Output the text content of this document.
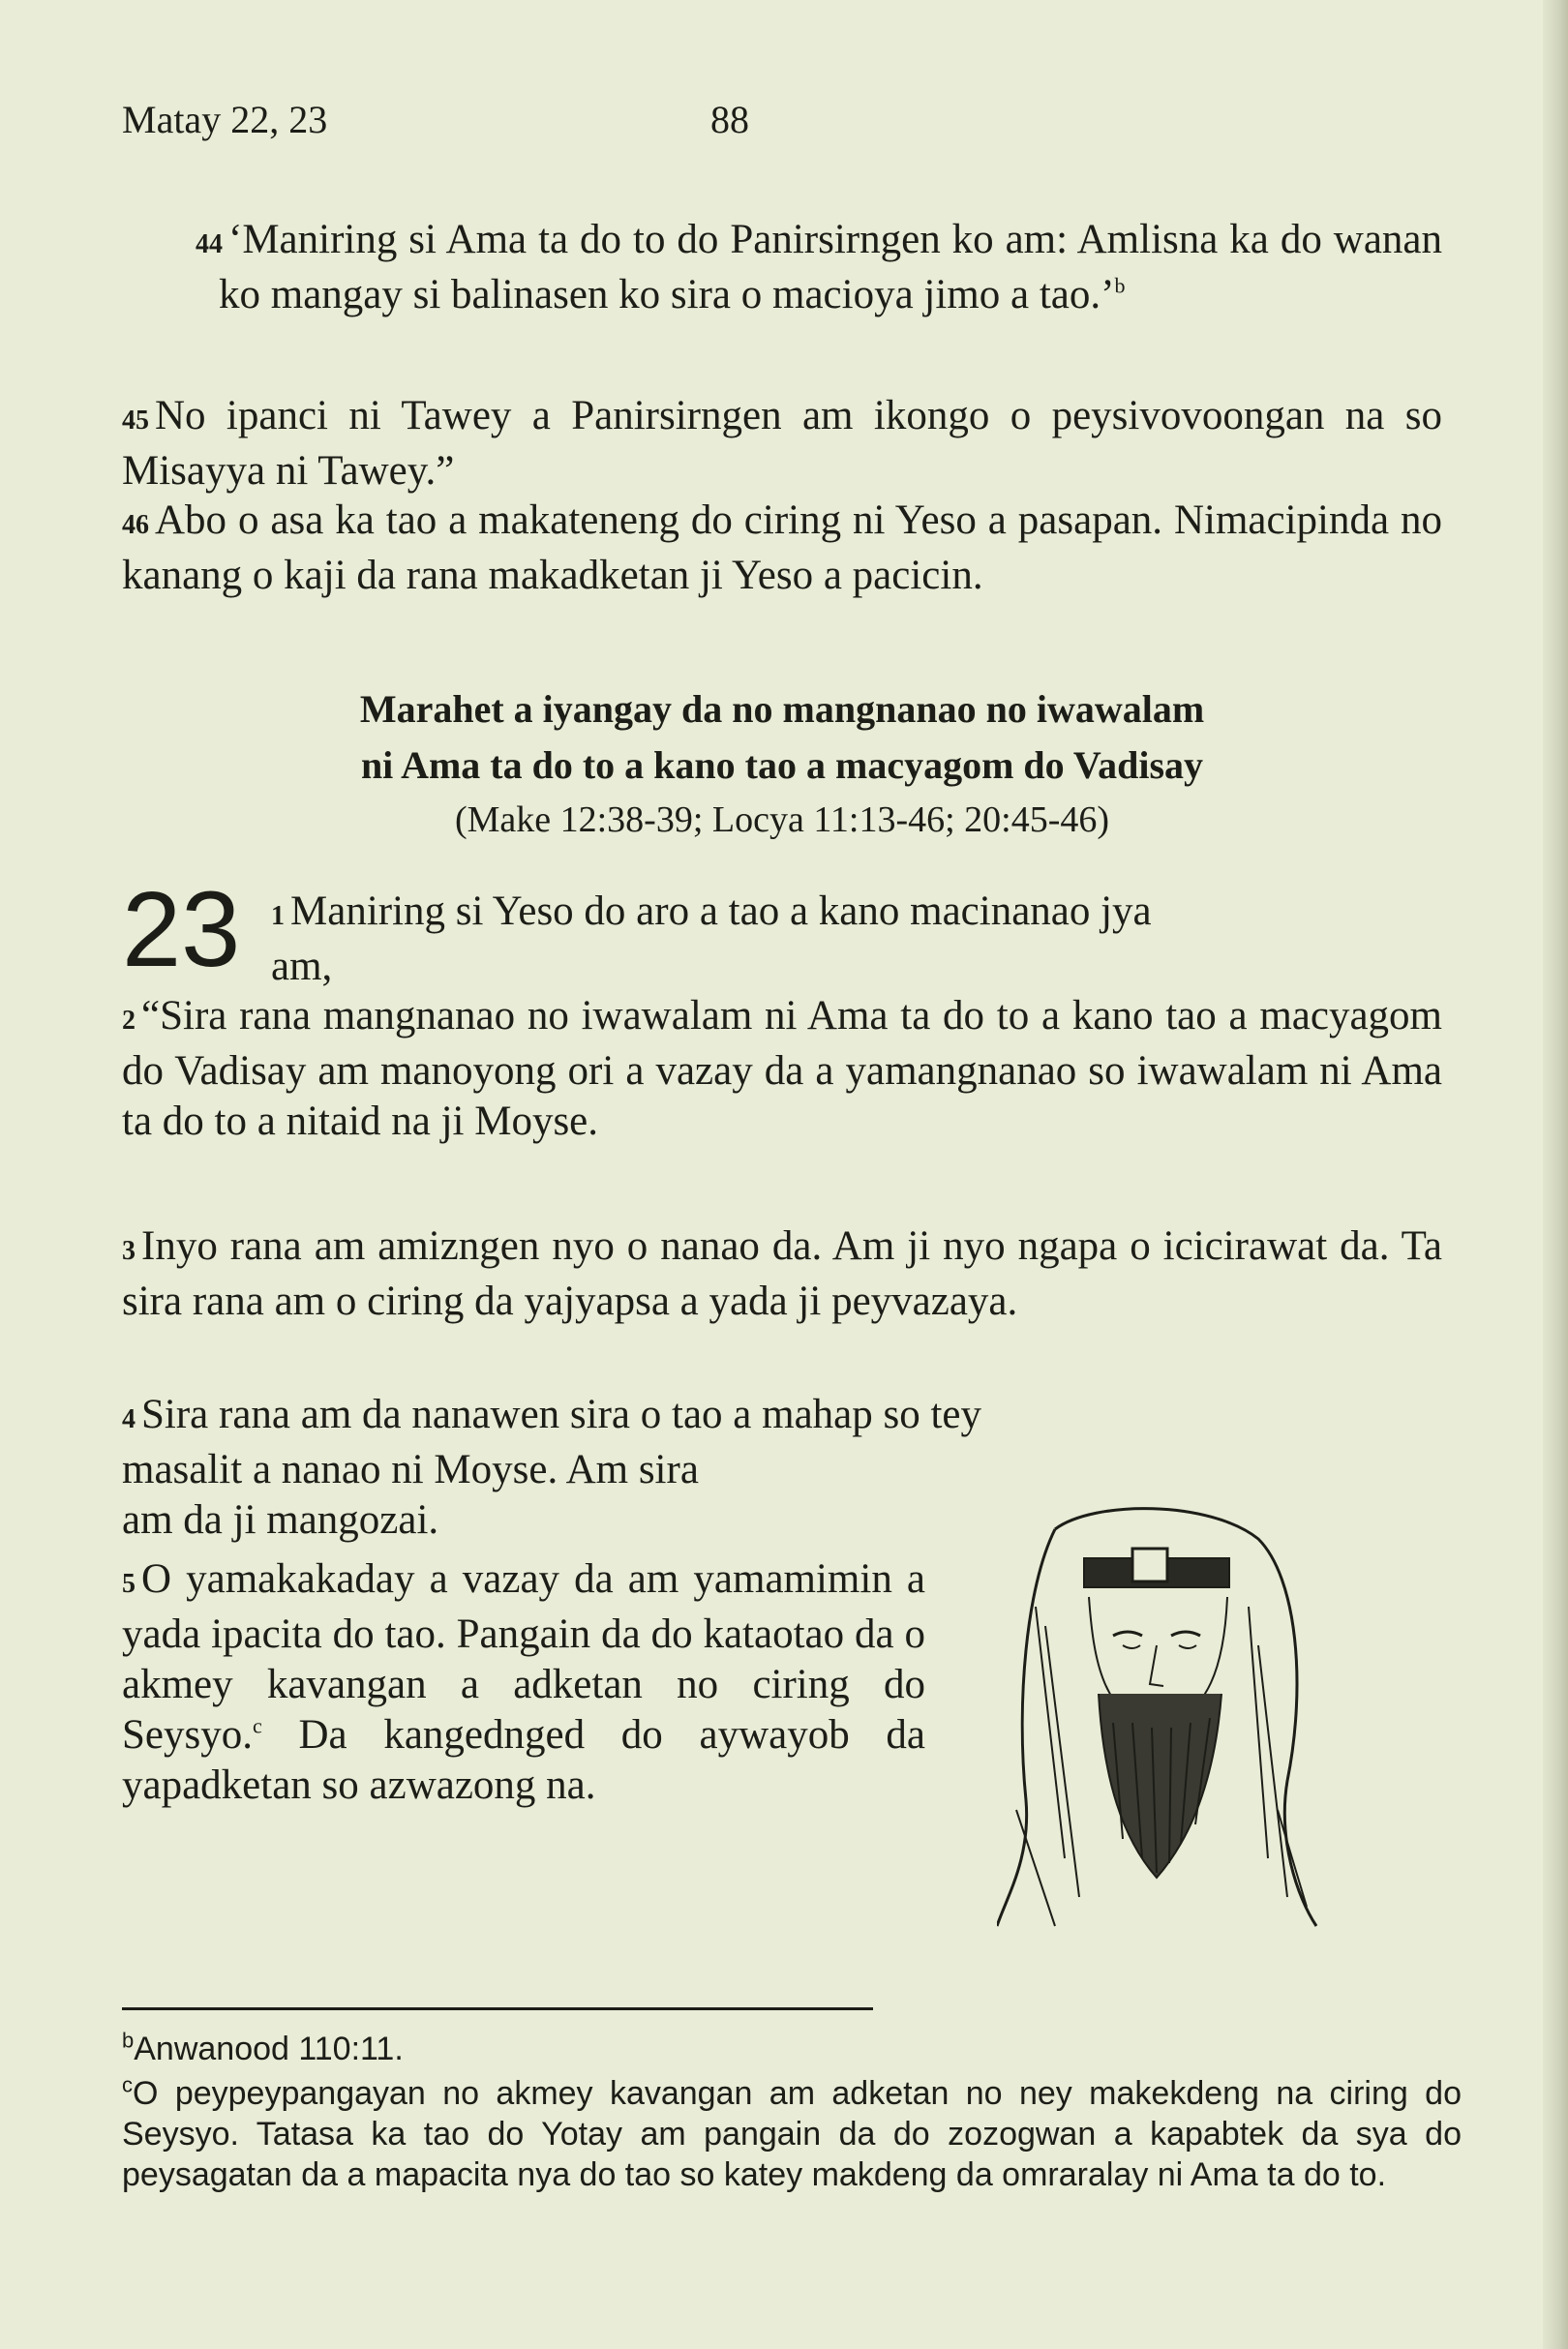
Matay 22, 23	88
44 ‘Maniring si Ama ta do to do Panirsirngen ko am: Amlisna ka do wanan ko mangay si balinasen ko sira o macioya jimo a tao.’$^b$
45 No ipanci ni Tawey a Panirsirngen am ikongo o peysivovoongan na so Misayya ni Tawey.”
46 Abo o asa ka tao a makateneng do ciring ni Yeso a pasapan. Nimacipinda no kanang o kaji da rana makadketan ji Yeso a pacicin.
Marahet a iyangay da no mangnanao no iwawalam
ni Ama ta do to a kano tao a macyagom do Vadisay
(Make 12:38-39; Locya 11:13-46; 20:45-46)
23 1 Maniring si Yeso do aro a tao a kano macinanao jya
am,
2 “Sira rana mangnanao no iwawalam ni Ama ta do to a kano tao a macyagom do Vadisay am manoyong ori a vazay da a yamangnanao so iwawalam ni Ama ta do to a nitaid na ji Moyse.
3 Inyo rana am amizngen nyo o nanao da. Am ji nyo ngapa o icicirawat da. Ta sira rana am o ciring da yajyapsa a yada ji peyvazaya.
4 Sira rana am da nanawen sira o tao a mahap so tey
masalit a nanao ni Moyse. Am sira
am da ji mangozai.
5 O yamakakaday a vazay da am yamamimin a yada ipacita do tao. Pangain da do kataotao da o akmey kavangan a adketan no ciring do Seysyo.$^c$ Da kangednged do aywayob da yapadketan so azwazong na.
$^b$Anwanood 110:11.
$^c$O peypeypangayan no akmey kavangan am adketan no ney makekdeng na ciring do Seysyo. Tatasa ka tao do Yotay am pangain da do zozogwan a kapabtek da sya do peysagatan da a mapacita nya do tao so katey makdeng da omraralay ni Ama ta do to.
